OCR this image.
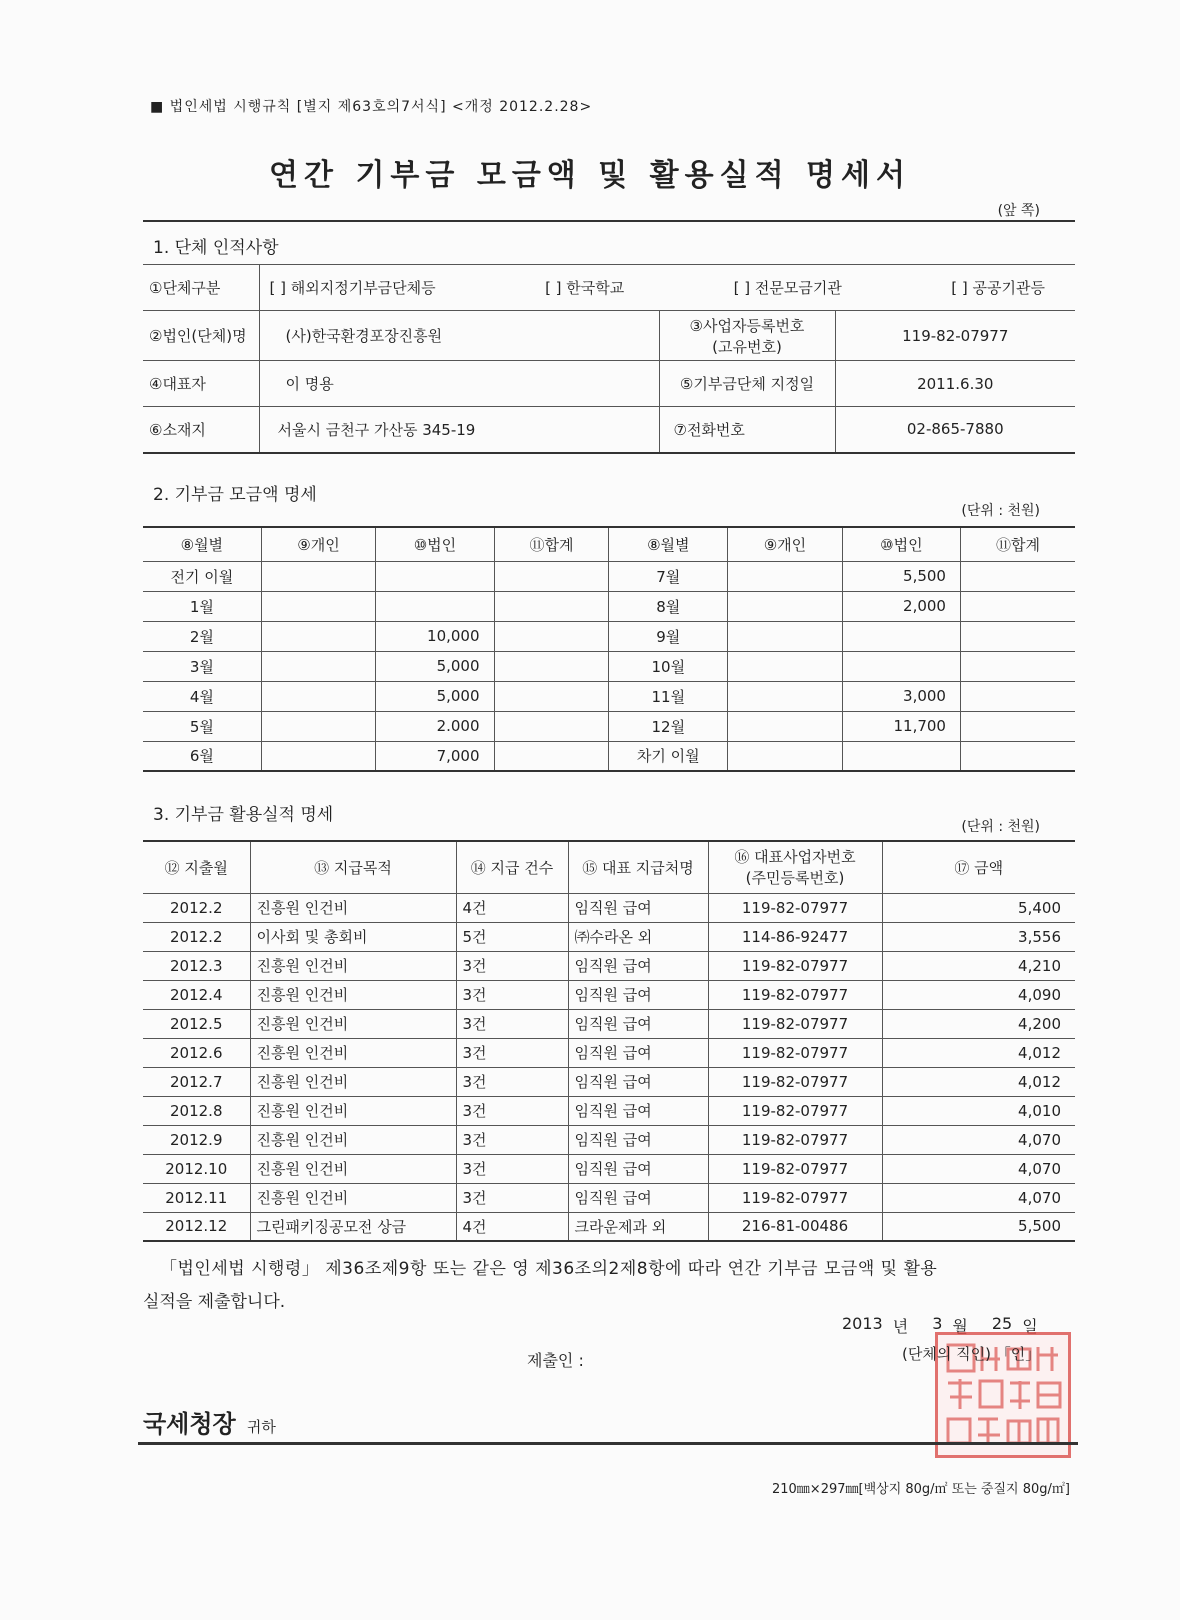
■ 법인세법 시행규칙 [별지 제63호의7서식] <개정 2012.2.28>
연간 기부금 모금액 및 활용실적 명세서
(앞 쪽)
1. 단체 인적사항
①단체구분	[ ] 해외지정기부금단체등 [ ] 한국학교 [ ] 전문모금기관 [ ] 공공기관등		

②법인(단체)명	(사)한국환경포장진흥원	③사업자등록번호
(고유번호)	119-82-07977
④대표자	이 명용	⑤기부금단체 지정일	2011.6.30
⑥소재지	서울시 금천구 가산동 345-19	⑦전화번호	02-865-7880
2. 기부금 모금액 명세
(단위 : 천원)
⑧월별	⑨개인	⑩법인	⑪합계	⑧월별	⑨개인	⑩법인	⑪합계
전기 이월				7월		5,500	
1월				8월		2,000	
2월		10,000		9월			
3월		5,000		10월			
4월		5,000		11월		3,000	
5월		2.000		12월		11,700	
6월		7,000		차기 이월			
3. 기부금 활용실적 명세
(단위 : 천원)
⑫ 지출월	⑬ 지급목적	⑭ 지급 건수	⑮ 대표 지급처명	⑯ 대표사업자번호
(주민등록번호)	⑰ 금액
2012.2	진흥원 인건비	4건	임직원 급여	119-82-07977	5,400
2012.2	이사회 및 총회비	5건	㈜수라온 외	114-86-92477	3,556
2012.3	진흥원 인건비	3건	임직원 급여	119-82-07977	4,210
2012.4	진흥원 인건비	3건	임직원 급여	119-82-07977	4,090
2012.5	진흥원 인건비	3건	임직원 급여	119-82-07977	4,200
2012.6	진흥원 인건비	3건	임직원 급여	119-82-07977	4,012
2012.7	진흥원 인건비	3건	임직원 급여	119-82-07977	4,012
2012.8	진흥원 인건비	3건	임직원 급여	119-82-07977	4,010
2012.9	진흥원 인건비	3건	임직원 급여	119-82-07977	4,070
2012.10	진흥원 인건비	3건	임직원 급여	119-82-07977	4,070
2012.11	진흥원 인건비	3건	임직원 급여	119-82-07977	4,070
2012.12	그린패키징공모전 상금	4건	크라운제과 외	216-81-00486	5,500
「법인세법 시행령」 제36조제9항 또는 같은 영 제36조의2제8항에 따라 연간 기부금 모금액 및 활용
실적을 제출합니다.
2013 년 3 월 25 일
제출인 :	(단체의 직인) 「인」
국세청장 귀하
210㎜×297㎜[백상지 80g/㎡ 또는 중질지 80g/㎡]
